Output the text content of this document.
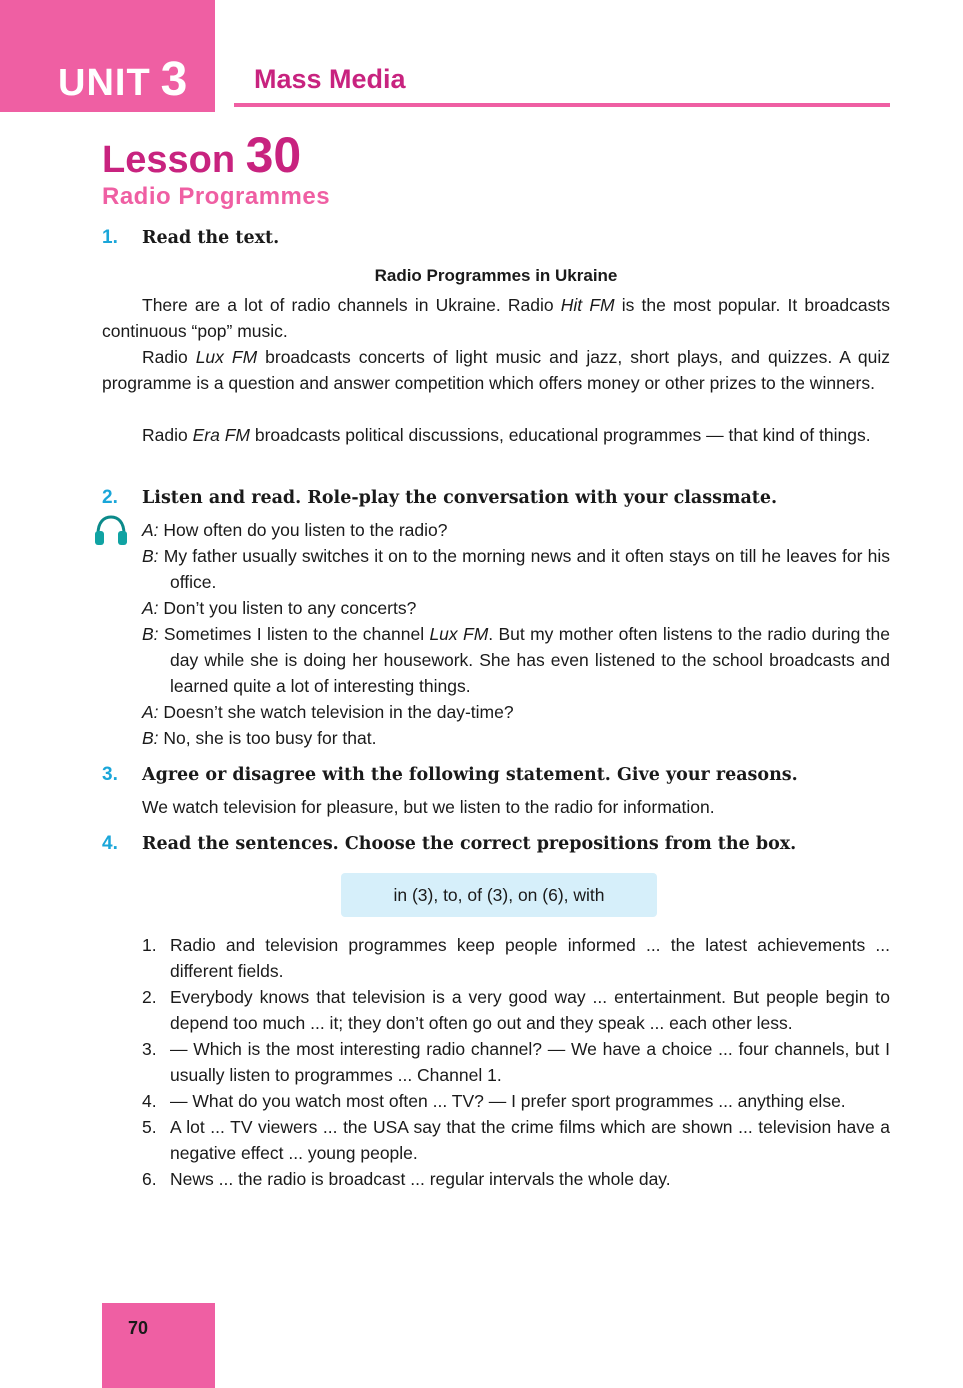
UNIT 3 Mass Media
Lesson 30
Radio Programmes
1. Read the text.
Radio Programmes in Ukraine

There are a lot of radio channels in Ukraine. Radio Hit FM is the most popular. It broadcasts continuous “pop” music.

Radio Lux FM broadcasts concerts of light music and jazz, short plays, and quizzes. A quiz programme is a question and answer competition which offers money or other prizes to the winners.

Radio Era FM broadcasts political discussions, educational programmes — that kind of things.

2. Listen and read. Role-play the conversation with your classmate.
A: How often do you listen to the radio?
B: My father usually switches it on to the morning news and it often stays on till he leaves for his office.
A: Don’t you listen to any concerts?
B: Sometimes I listen to the channel Lux FM. But my mother often listens to the radio during the day while she is doing her housework. She has even listened to the school broadcasts and learned quite a lot of interesting things.
A: Doesn’t she watch television in the day-time?
B: No, she is too busy for that.
3. Agree or disagree with the following statement. Give your reasons.
We watch television for pleasure, but we listen to the radio for information.
4. Read the sentences. Choose the correct prepositions from the box.
in (3), to, of (3), on (6), with
1. Radio and television programmes keep people informed ... the latest achievements ... different fields.
2. Everybody knows that television is a very good way ... entertainment. But people begin to depend too much ... it; they don’t often go out and they speak ... each other less.
3. — Which is the most interesting radio channel? — We have a choice ... four channels, but I usually listen to programmes ... Channel 1.
4. — What do you watch most often ... TV? — I prefer sport programmes ... anything else.
5. A lot ... TV viewers ... the USA say that the crime films which are shown ... television have a negative effect ... young people.
6. News ... the radio is broadcast ... regular intervals the whole day.
70
